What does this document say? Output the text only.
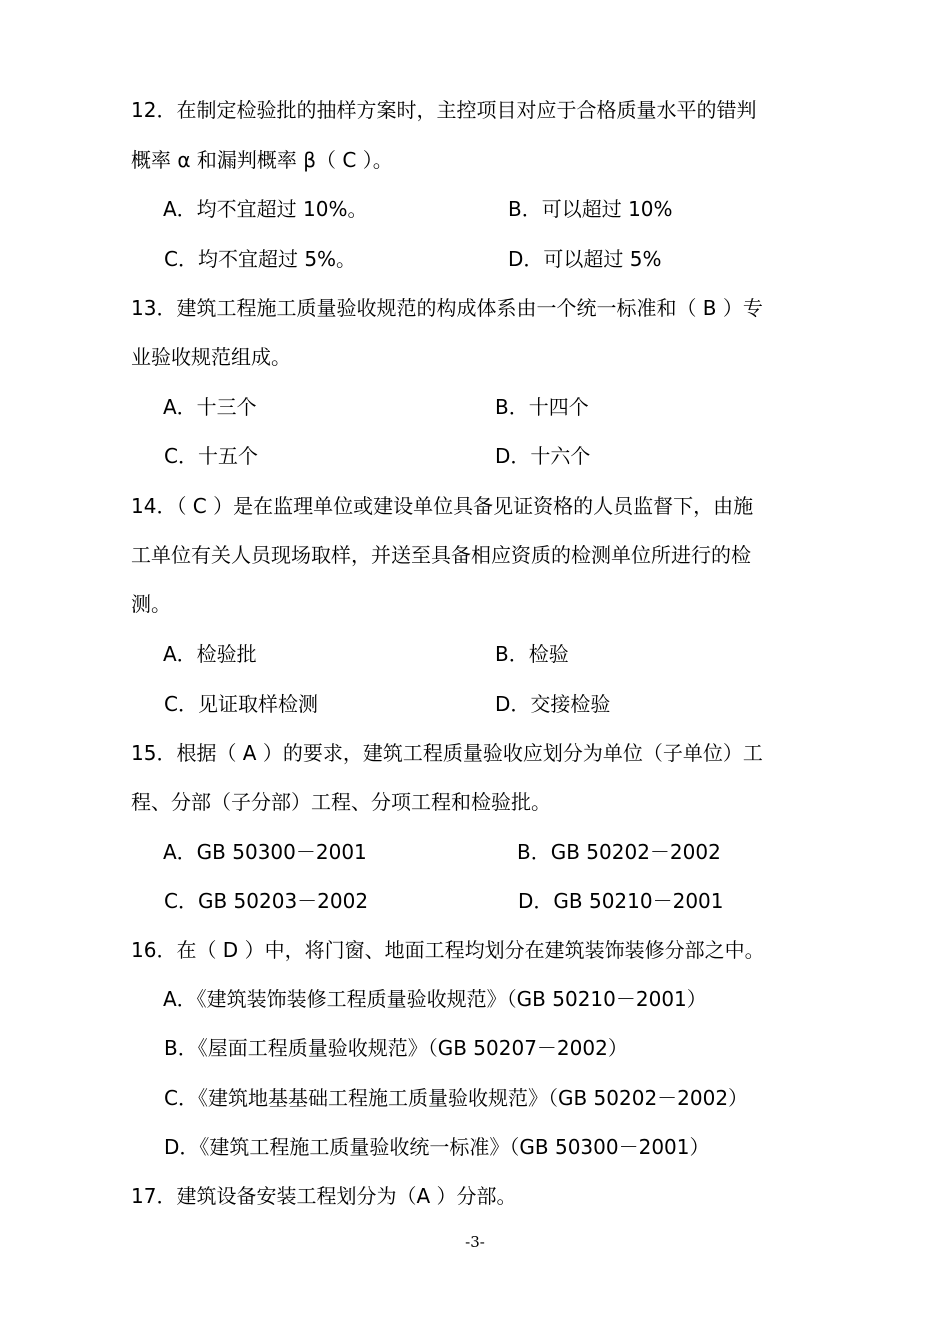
12．在制定检验批的抽样方案时，主控项目对应于合格质量水平的错判
概率 α 和漏判概率 β（ C ）。
A．均不宜超过 10%。	B．可以超过 10%
C．均不宜超过 5%。	D．可以超过 5%
13．建筑工程施工质量验收规范的构成体系由一个统一标准和（ B ）专
业验收规范组成。
A．十三个	B．十四个
C．十五个	D．十六个
14．（ C ）是在监理单位或建设单位具备见证资格的人员监督下，由施
工单位有关人员现场取样，并送至具备相应资质的检测单位所进行的检
测。
A．检验批	B．检验
C．见证取样检测	D．交接检验
15．根据（ A ）的要求，建筑工程质量验收应划分为单位（子单位）工
程、分部（子分部）工程、分项工程和检验批。
A．GB 50300－2001	B．GB 50202－2002
C．GB 50203－2002	D．GB 50210－2001
16．在（ D ）中，将门窗、地面工程均划分在建筑装饰装修分部之中。
A．《建筑装饰装修工程质量验收规范》（GB 50210－2001）
B．《屋面工程质量验收规范》（GB 50207－2002）
C．《建筑地基基础工程施工质量验收规范》（GB 50202－2002）
D．《建筑工程施工质量验收统一标准》（GB 50300－2001）
17．建筑设备安装工程划分为（A ）分部。
-3-
